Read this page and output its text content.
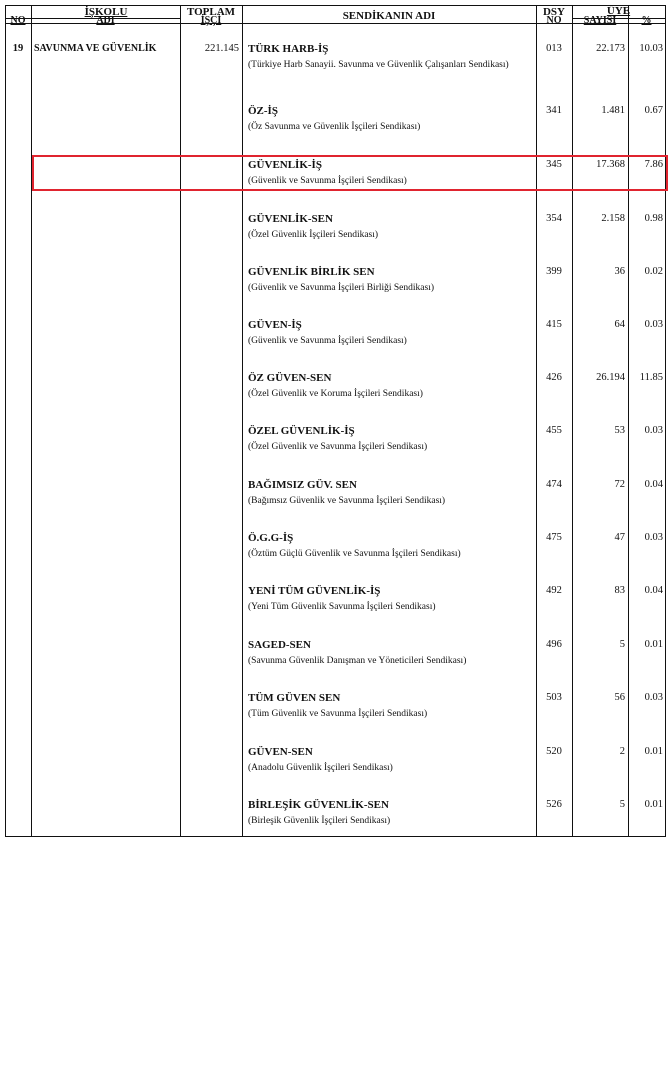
İŞKOLU
NO	ADI
TOPLAM
İŞÇİ	SENDİKANIN ADI	DSY
NO
ÜYE
SAYISI	%
19	SAVUNMA VE GÜVENLİK	221.145 TÜRK HARB-İŞ
(Türkiye Harb Sanayii. Savunma ve Güvenlik Çalışanları Sendikası)
013	22.173	10.03
ÖZ-İŞ
(Öz Savunma ve Güvenlik İşçileri Sendikası)
341	1.481	0.67
GÜVENLİK-İŞ
(Güvenlik ve Savunma İşçileri Sendikası)
345	17.368	7.86
GÜVENLİK-SEN
(Özel Güvenlik İşçileri Sendikası)
354	2.158	0.98
GÜVENLİK BİRLİK SEN
(Güvenlik ve Savunma İşçileri Birliği Sendikası)
399	36	0.02
GÜVEN-İŞ
(Güvenlik ve Savunma İşçileri Sendikası)
415	64	0.03
ÖZ GÜVEN-SEN
(Özel Güvenlik ve Koruma İşçileri Sendikası)
426	26.194	11.85
ÖZEL GÜVENLİK-İŞ
(Özel Güvenlik ve Savunma İşçileri Sendikası)
455	53	0.03
BAĞIMSIZ GÜV. SEN
(Bağımsız Güvenlik ve Savunma İşçileri Sendikası)
474	72	0.04
Ö.G.G-İŞ
(Öztüm Güçlü Güvenlik ve Savunma İşçileri Sendikası)
475	47	0.03
YENİ TÜM GÜVENLİK-İŞ
(Yeni Tüm Güvenlik Savunma İşçileri Sendikası)
492	83	0.04
SAGED-SEN
(Savunma Güvenlik Danışman ve Yöneticileri Sendikası)
496	5	0.01
TÜM GÜVEN SEN
(Tüm Güvenlik ve Savunma İşçileri Sendikası)
503	56	0.03
GÜVEN-SEN
(Anadolu Güvenlik İşçileri Sendikası)
520	2	0.01
BİRLEŞİK GÜVENLİK-SEN
(Birleşik Güvenlik İşçileri Sendikası)
526	5	0.01
